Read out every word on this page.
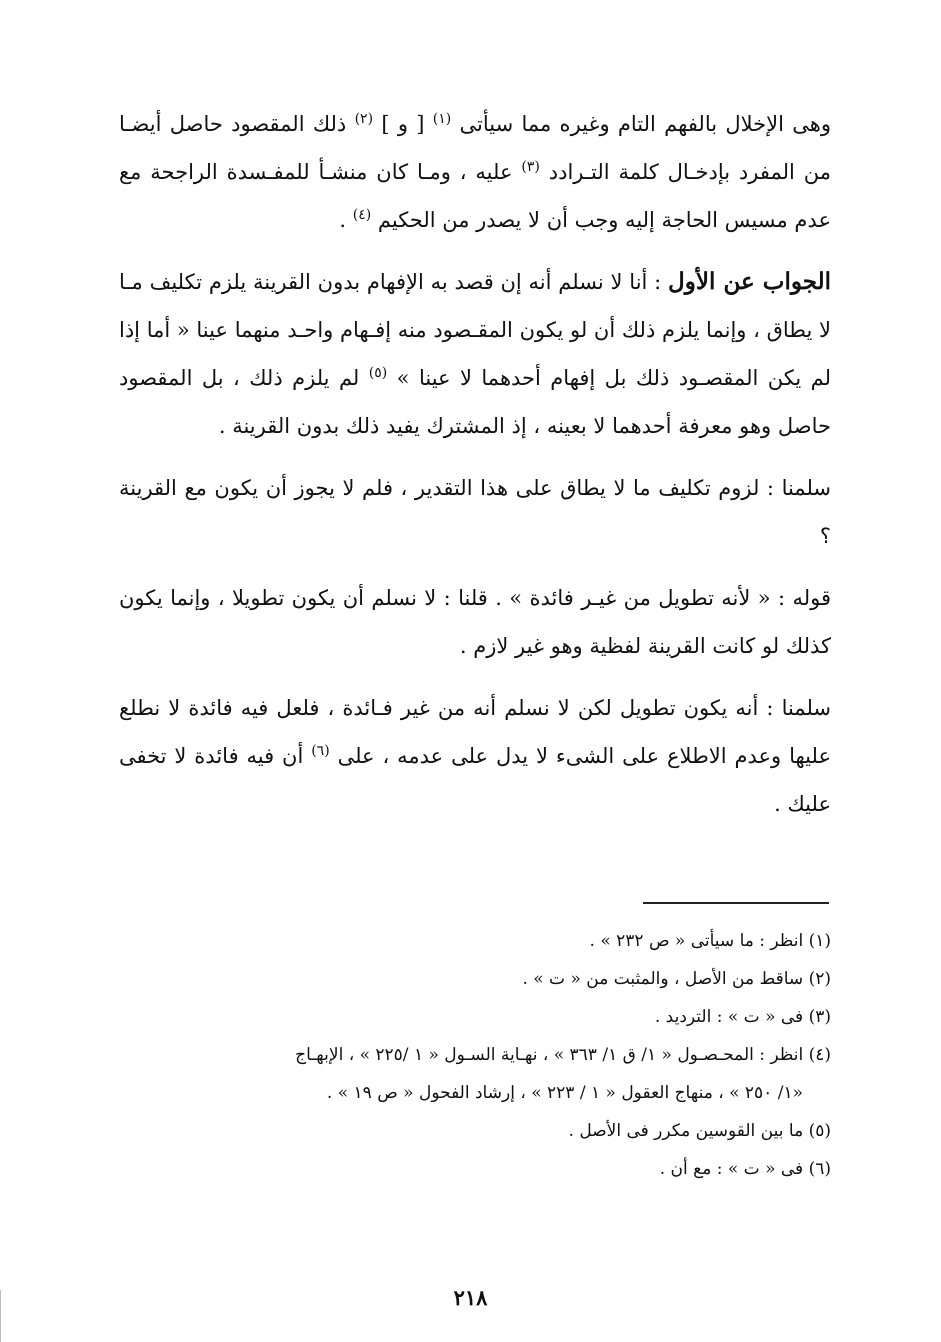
وهى الإخلال بالفهم التام وغيره مما سيأتى $^{(١)}$ [ و ] $^{(٢)}$ ذلك المقصود حاصل أيضـا من المفرد بإدخـال كلمة التـرادد $^{(٣)}$ عليه ، ومـا كان منشـأ للمفـسدة الراجحة مع عدم مسيس الحاجة إليه وجب أن لا يصدر من الحكيم $^{(٤)}$ .

الجواب عن الأول : أنا لا نسلم أنه إن قصد به الإفهام بدون القرينة يلزم تكليف مـا لا يطاق ، وإنما يلزم ذلك أن لو يكون المقـصود منه إفـهام واحـد منهما عينا « أما إذا لم يكن المقصـود ذلك بل إفهام أحدهما لا عينا » $^{(٥)}$ لم يلزم ذلك ، بل المقصود حاصل وهو معرفة أحدهما لا بعينه ، إذ المشترك يفيد ذلك بدون القرينة .

سلمنا : لزوم تكليف ما لا يطاق على هذا التقدير ، فلم لا يجوز أن يكون مع القرينة ؟

قوله : « لأنه تطويل من غيـر فائدة » . قلنا : لا نسلم أن يكون تطويلا ، وإنما يكون كذلك لو كانت القرينة لفظية وهو غير لازم .

سلمنا : أنه يكون تطويل لكن لا نسلم أنه من غير فـائدة ، فلعل فيه فائدة لا نطلع عليها وعدم الاطلاع على الشىء لا يدل على عدمه ، على $^{(٦)}$ أن فيه فائدة لا تخفى عليك .

(١) انظر : ما سيأتى « ص ٢٣٢ » .

(٢) ساقط من الأصل ، والمثبت من « ت » .

(٣) فى « ت » : الترديد .

(٤) انظر : المحـصـول « ١/ ق ١/ ٣٦٣ » ، نهـاية السـول « ١ /٢٢٥ » ، الإبهـاج

«١/ ٢٥٠ » ، منهاج العقول « ١ / ٢٢٣ » ، إرشاد الفحول « ص ١٩ » .

(٥) ما بين القوسين مكرر فى الأصل .

(٦) فى « ت » : مع أن .

٢١٨
